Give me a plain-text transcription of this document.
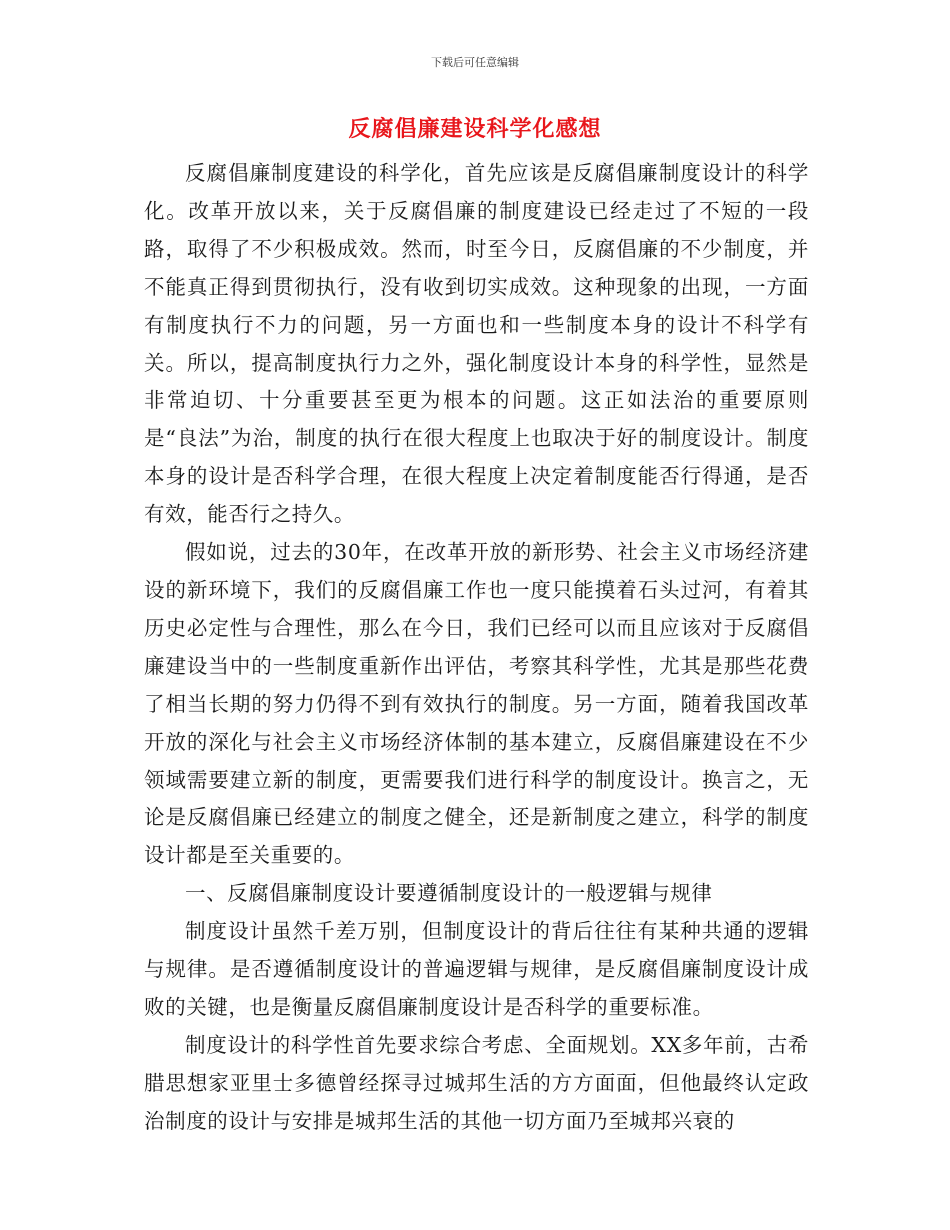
下载后可任意编辑
反腐倡廉建设科学化感想

反腐倡廉制度建设的科学化，首先应该是反腐倡廉制度设计的科学化。改革开放以来，关于反腐倡廉的制度建设已经走过了不短的一段路，取得了不少积极成效。然而，时至今日，反腐倡廉的不少制度，并不能真正得到贯彻执行，没有收到切实成效。这种现象的出现，一方面有制度执行不力的问题，另一方面也和一些制度本身的设计不科学有关。所以，提高制度执行力之外，强化制度设计本身的科学性，显然是非常迫切、十分重要甚至更为根本的问题。这正如法治的重要原则是“良法”为治，制度的执行在很大程度上也取决于好的制度设计。制度本身的设计是否科学合理，在很大程度上决定着制度能否行得通，是否有效，能否行之持久。

假如说，过去的30年，在改革开放的新形势、社会主义市场经济建设的新环境下，我们的反腐倡廉工作也一度只能摸着石头过河，有着其历史必定性与合理性，那么在今日，我们已经可以而且应该对于反腐倡廉建设当中的一些制度重新作出评估，考察其科学性，尤其是那些花费了相当长期的努力仍得不到有效执行的制度。另一方面，随着我国改革开放的深化与社会主义市场经济体制的基本建立，反腐倡廉建设在不少领域需要建立新的制度，更需要我们进行科学的制度设计。换言之，无论是反腐倡廉已经建立的制度之健全，还是新制度之建立，科学的制度设计都是至关重要的。

一、反腐倡廉制度设计要遵循制度设计的一般逻辑与规律

制度设计虽然千差万别，但制度设计的背后往往有某种共通的逻辑与规律。是否遵循制度设计的普遍逻辑与规律，是反腐倡廉制度设计成败的关键，也是衡量反腐倡廉制度设计是否科学的重要标准。

制度设计的科学性首先要求综合考虑、全面规划。XX多年前，古希腊思想家亚里士多德曾经探寻过城邦生活的方方面面，但他最终认定政治制度的设计与安排是城邦生活的其他一切方面乃至城邦兴衰的
